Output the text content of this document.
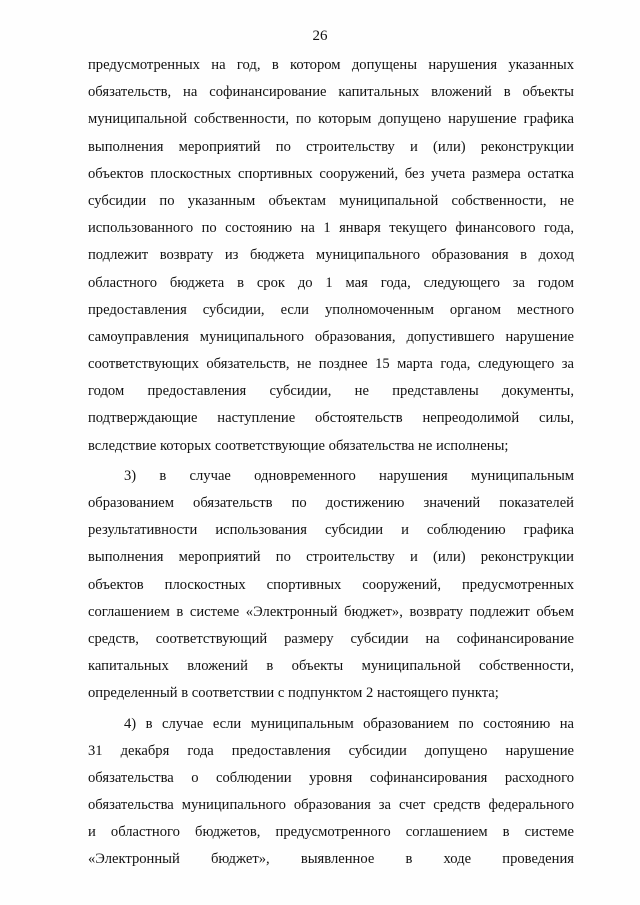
26
предусмотренных на год, в котором допущены нарушения указанных
обязательств, на софинансирование капитальных вложений в объекты
муниципальной собственности, по которым допущено нарушение графика
выполнения мероприятий по строительству и (или) реконструкции
объектов плоскостных спортивных сооружений, без учета размера остатка
субсидии по указанным объектам муниципальной собственности, не
использованного по состоянию на 1 января текущего финансового года,
подлежит возврату из бюджета муниципального образования в доход
областного бюджета в срок до 1 мая года, следующего за годом
предоставления субсидии, если уполномоченным органом местного
самоуправления муниципального образования, допустившего нарушение
соответствующих обязательств, не позднее 15 марта года, следующего за
годом предоставления субсидии, не представлены документы,
подтверждающие наступление обстоятельств непреодолимой силы,
вследствие которых соответствующие обязательства не исполнены;
3) в случае одновременного нарушения муниципальным
образованием обязательств по достижению значений показателей
результативности использования субсидии и соблюдению графика
выполнения мероприятий по строительству и (или) реконструкции
объектов плоскостных спортивных сооружений, предусмотренных
соглашением в системе «Электронный бюджет», возврату подлежит объем
средств, соответствующий размеру субсидии на софинансирование
капитальных вложений в объекты муниципальной собственности,
определенный в соответствии с подпунктом 2 настоящего пункта;
4) в случае если муниципальным образованием по состоянию на
31 декабря года предоставления субсидии допущено нарушение
обязательства о соблюдении уровня софинансирования расходного
обязательства муниципального образования за счет средств федерального
и областного бюджетов, предусмотренного соглашением в системе
«Электронный бюджет», выявленное в ходе проведения
